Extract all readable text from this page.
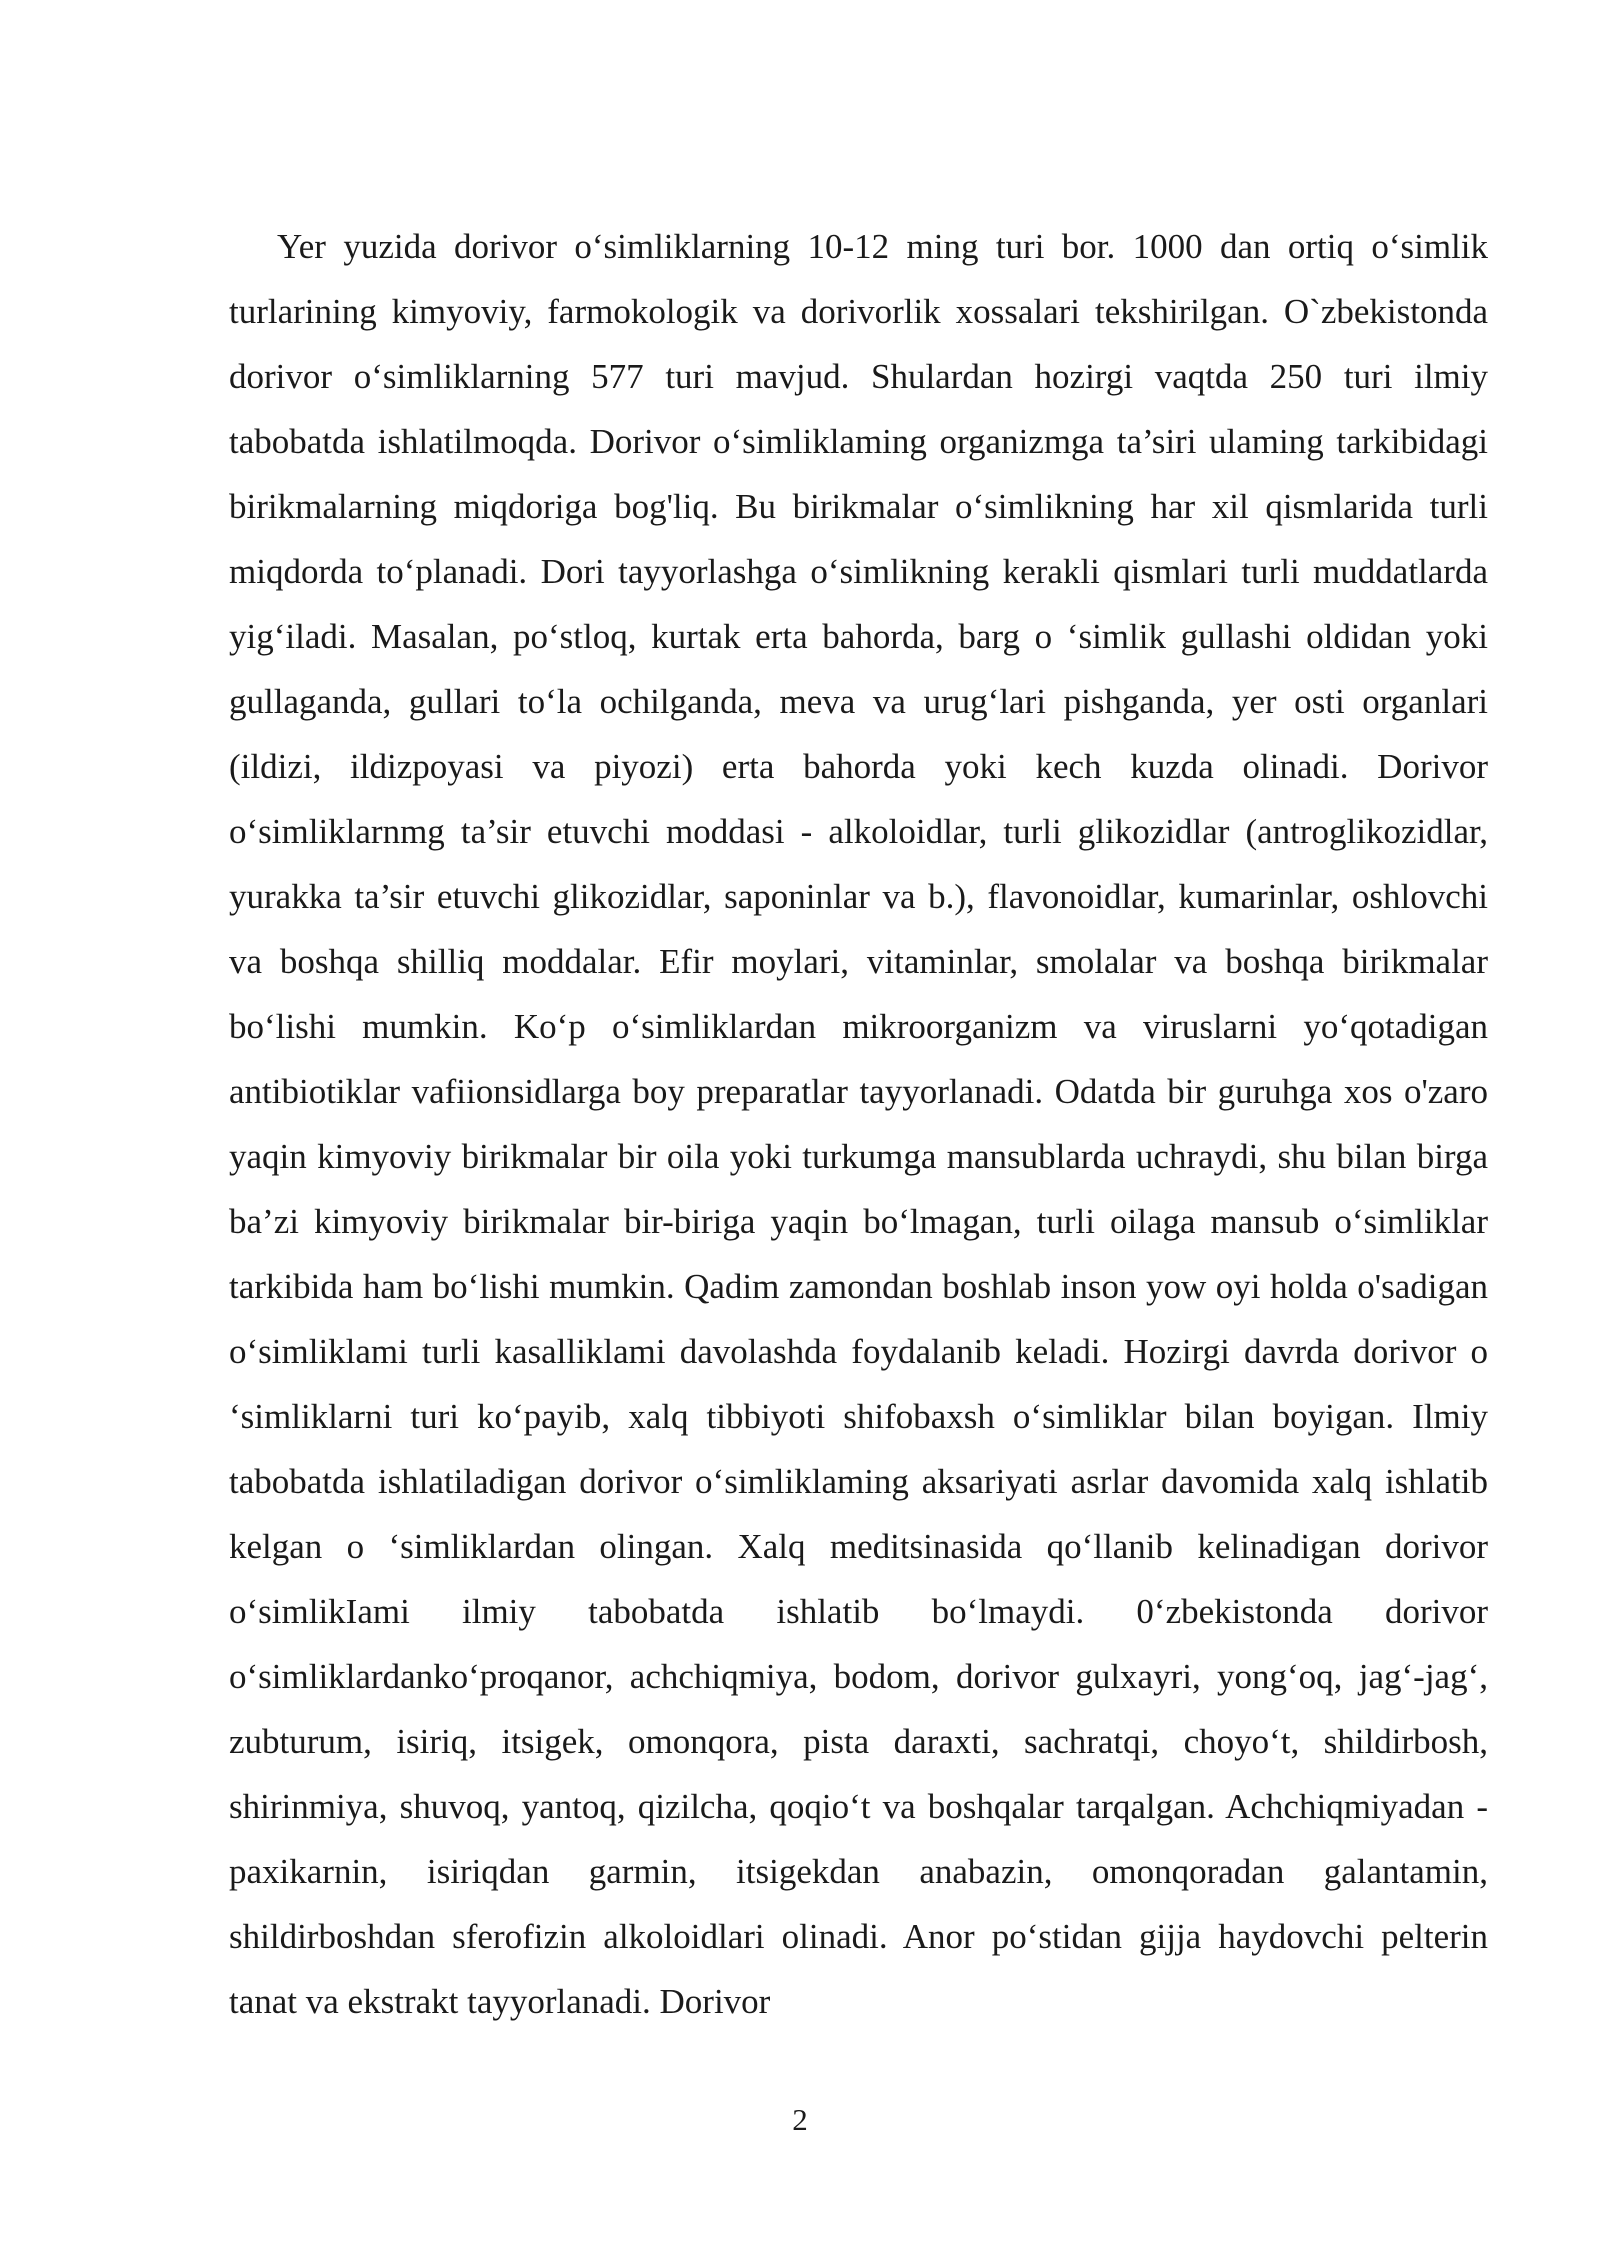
Yer yuzida dorivor o‘simliklarning 10-12 ming turi bor. 1000 dan ortiq o‘simlik turlarining kimyoviy, farmokologik va dorivorlik xossalari tekshirilgan. O`zbekistonda dorivor o‘simliklarning 577 turi mavjud. Shulardan hozirgi vaqtda 250 turi ilmiy tabobatda ishlatilmoqda. Dorivor o‘simliklaming organizmga ta’siri ulaming tarkibidagi birikmalarning miqdoriga bog'liq. Bu birikmalar o‘simlikning har xil qismlarida turli miqdorda to‘planadi. Dori tayyorlashga o‘simlikning kerakli qismlari turli muddatlarda yig‘iladi. Masalan, po‘stloq, kurtak erta bahorda, barg o ‘simlik gullashi oldidan yoki gullaganda, gullari to‘la ochilganda, meva va urug‘lari pishganda, yer osti organlari (ildizi, ildizpoyasi va piyozi) erta bahorda yoki kech kuzda olinadi. Dorivor o‘simliklarnmg ta’sir etuvchi moddasi - alkoloidlar, turli glikozidlar (antroglikozidlar, yurakka ta’sir etuvchi glikozidlar, saponinlar va b.), flavonoidlar, kumarinlar, oshlovchi va boshqa shilliq moddalar. Efir moylari, vitaminlar, smolalar va boshqa birikmalar bo‘lishi mumkin. Ko‘p o‘simliklardan mikroorganizm va viruslarni yo‘qotadigan antibiotiklar vafiionsidlarga boy preparatlar tayyorlanadi. Odatda bir guruhga xos o'zaro yaqin kimyoviy birikmalar bir oila yoki turkumga mansublarda uchraydi, shu bilan birga ba’zi kimyoviy birikmalar bir-biriga yaqin bo‘lmagan, turli oilaga mansub o‘simliklar tarkibida ham bo‘lishi mumkin. Qadim zamondan boshlab inson yow oyi holda o'sadigan o‘simliklami turli kasalliklami davolashda foydalanib keladi. Hozirgi davrda dorivor o ‘simliklarni turi ko‘payib, xalq tibbiyoti shifobaxsh o‘simliklar bilan boyigan. Ilmiy tabobatda ishlatiladigan dorivor o‘simliklaming aksariyati asrlar davomida xalq ishlatib kelgan o ‘simliklardan olingan. Xalq meditsinasida qo‘llanib kelinadigan dorivor o‘simlikIami ilmiy tabobatda ishlatib bo‘lmaydi. 0‘zbekistonda dorivor o‘simliklardanko‘proqanor, achchiqmiya, bodom, dorivor gulxayri, yong‘oq, jag‘-jag‘, zubturum, isiriq, itsigek, omonqora, pista daraxti, sachratqi, choyo‘t, shildirbosh, shirinmiya, shuvoq, yantoq, qizilcha, qoqio‘t va boshqalar tarqalgan. Achchiqmiyadan - paxikarnin, isiriqdan garmin, itsigekdan anabazin, omonqoradan galantamin, shildirboshdan sferofizin alkoloidlari olinadi. Anor po‘stidan gijja haydovchi pelterin tanat va ekstrakt tayyorlanadi. Dorivor

2
